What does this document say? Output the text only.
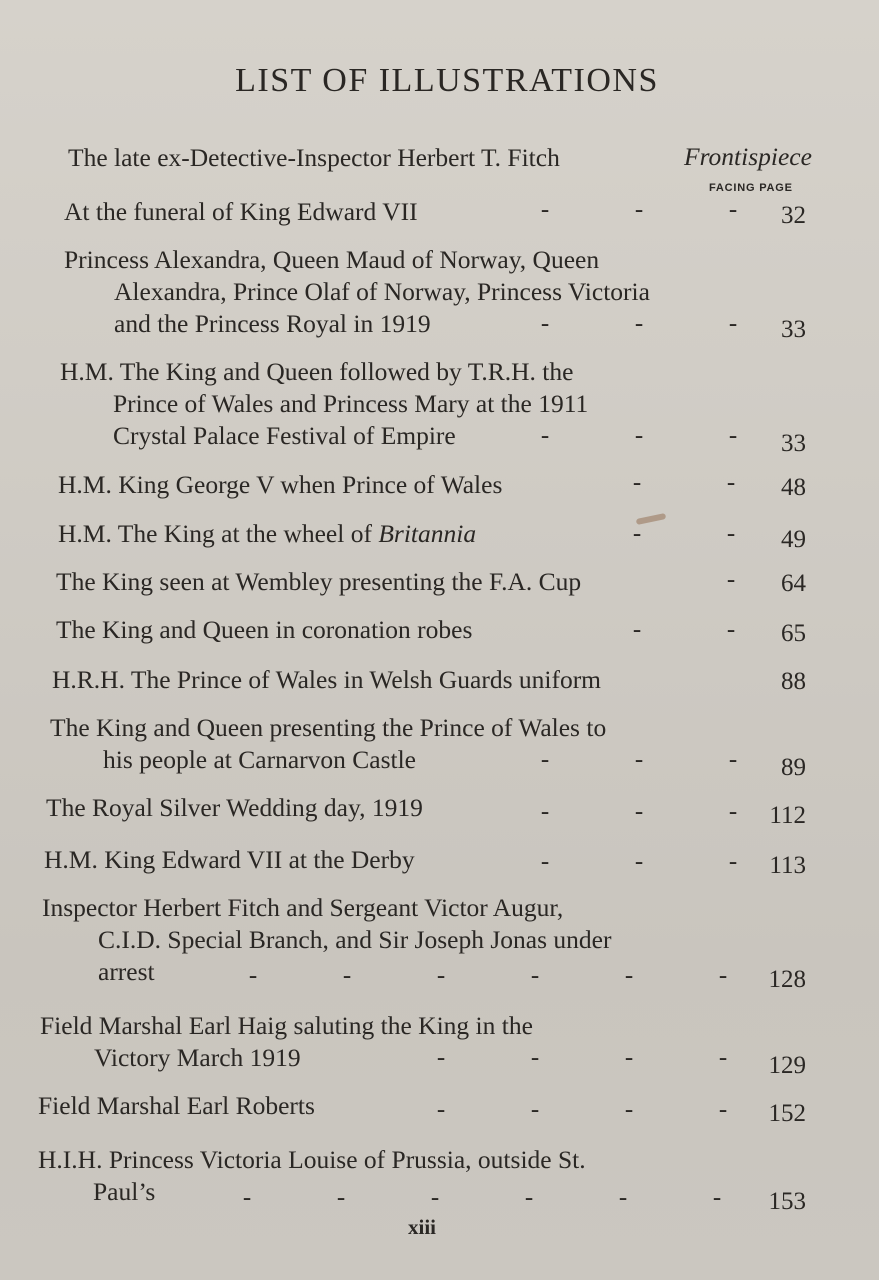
LIST OF ILLUSTRATIONS
The late ex-Detective-Inspector Herbert T. Fitch	Frontispiece
FACING PAGE
At the funeral of King Edward VII	-	-	-	32
Princess Alexandra, Queen Maud of Norway, Queen
Alexandra, Prince Olaf of Norway, Princess Victoria
and the Princess Royal in 1919	-	-	-	33
H.M. The King and Queen followed by T.R.H. the
Prince of Wales and Princess Mary at the 1911
Crystal Palace Festival of Empire	-	-	-	33
H.M. King George V when Prince of Wales	-	-	48
H.M. The King at the wheel of Britannia	-	-	49
The King seen at Wembley presenting the F.A. Cup	-	64
The King and Queen in coronation robes	-	-	65
H.R.H. The Prince of Wales in Welsh Guards uniform	88
The King and Queen presenting the Prince of Wales to
his people at Carnarvon Castle	-	-	-	89
The Royal Silver Wedding day, 1919	-	-	-	112
H.M. King Edward VII at the Derby	-	-	-	113
Inspector Herbert Fitch and Sergeant Victor Augur,
C.I.D. Special Branch, and Sir Joseph Jonas under
arrest	-	-	-	-	-	-	128
Field Marshal Earl Haig saluting the King in the
Victory March 1919	-	-	-	-	129
Field Marshal Earl Roberts	-	-	-	-	152
H.I.H. Princess Victoria Louise of Prussia, outside St.
Paul’s	-	-	-	-	-	-	153
xiii
